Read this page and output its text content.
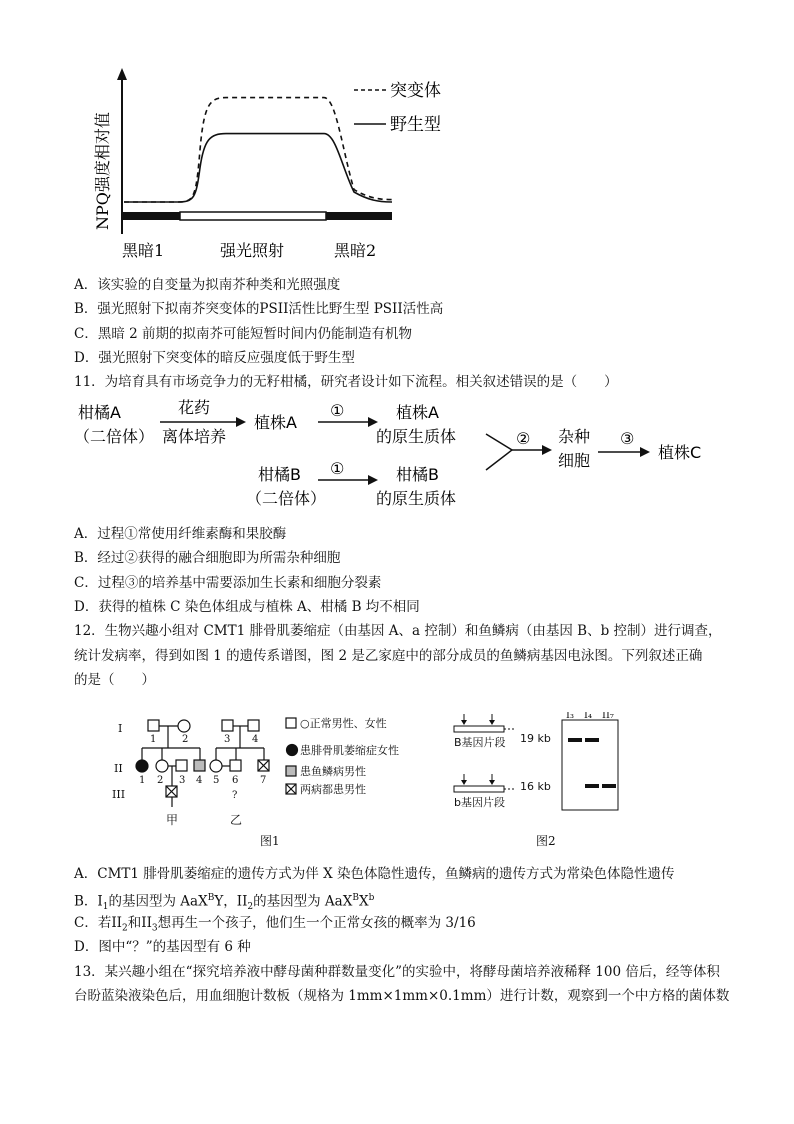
突变体
野生型
NPQ强度相对值
黑暗1	强光照射	黑暗2
A．该实验的自变量为拟南芥种类和光照强度
B．强光照射下拟南芥突变体的PSII活性比野生型 PSII活性高
C．黑暗 2 前期的拟南芥可能短暂时间内仍能制造有机物
D．强光照射下突变体的暗反应强度低于野生型
11．为培育具有市场竞争力的无籽柑橘，研究者设计如下流程。相关叙述错误的是（　　）
柑橘A
（二倍体）
花药
离体培养
植株A
①	植株A
的原生质体
柑橘B
（二倍体）
①	柑橘B
的原生质体
② 杂种
细胞
③
植株C
A．过程①常使用纤维素酶和果胶酶
B．经过②获得的融合细胞即为所需杂种细胞
C．过程③的培养基中需要添加生长素和细胞分裂素
D．获得的植株 C 染色体组成与植株 A、柑橘 B 均不相同
12．生物兴趣小组对 CMT1 腓骨肌萎缩症（由基因 A、a 控制）和鱼鳞病（由基因 B、b 控制）进行调查，
统计发病率，得到如图 1 的遗传系谱图，图 2 是乙家庭中的部分成员的鱼鳞病基因电泳图。下列叙述正确
的是（　　）
I
II
III
1	2	3 4
1 2 3 4 5 6 7
?
甲	乙
图1
○正常男性、女性
患腓骨肌萎缩症女性
患鱼鳞病男性
两病都患男性
B基因片段
b基因片段
19 kb
16 kb
I₃ I₄ II₇
图2
A．CMT1 腓骨肌萎缩症的遗传方式为伴 X 染色体隐性遗传，鱼鳞病的遗传方式为常染色体隐性遗传
B．$I_1$的基因型为 AaX$^B$Y，$II_2$的基因型为 $AaX^BX^b$
C．若$II_2$和$II_3$想再生一个孩子，他们生一个正常女孩的概率为 3/16
D．图中“？”的基因型有 6 种
13．某兴趣小组在“探究培养液中酵母菌种群数量变化”的实验中，将酵母菌培养液稀释 100 倍后，经等体积
台盼蓝染液染色后，用血细胞计数板（规格为 1mm×1mm×0.1mm）进行计数，观察到一个中方格的菌体数
